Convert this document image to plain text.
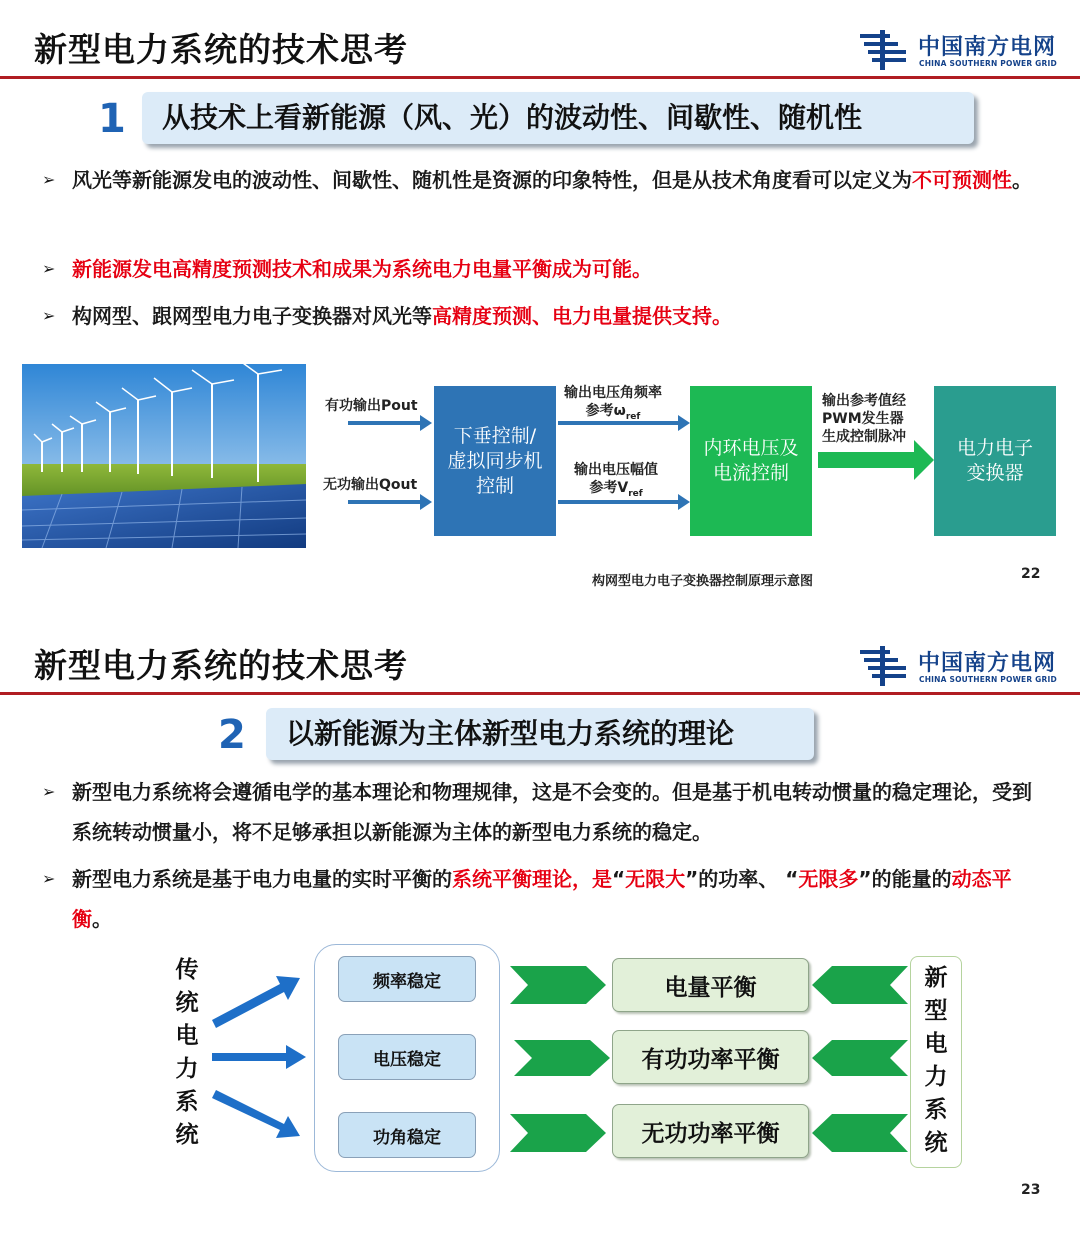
新型电力系统的技术思考	中国南方电网
CHINA SOUTHERN POWER GRID
1	从技术上看新能源（风、光）的波动性、间歇性、随机性
➢ 风光等新能源发电的波动性、间歇性、随机性是资源的印象特性，但是从技术角度看可以定义为不可预测性。
➢ 新能源发电高精度预测技术和成果为系统电力电量平衡成为可能。
➢ 构网型、跟网型电力电子变换器对风光等高精度预测、电力电量提供支持。
有功输出Pout
无功输出Qout
下垂控制/
虚拟同步机
控制
输出电压角频率
参考$\omega_{ref}$
输出电压幅值
参考$V_{ref}$
内环电压及
电流控制
输出参考值经
PWM发生器
生成控制脉冲	电力电子
变换器
构网型电力电子变换器控制原理示意图	22
新型电力系统的技术思考	中国南方电网
CHINA SOUTHERN POWER GRID
2	以新能源为主体新型电力系统的理论
➢ 新型电力系统将会遵循电学的基本理论和物理规律，这是不会变的。但是基于机电转动惯量的稳定理论，受到系统转动惯量小，将不足够承担以新能源为主体的新型电力系统的稳定。
➢ 新型电力系统是基于电力电量的实时平衡的系统平衡理论，是“无限大”的功率、 “无限多”的能量的动态平衡。
传
统
电
力
系
统
频率稳定
电压稳定
功角稳定
电量平衡
有功功率平衡
无功功率平衡
新
型
电
力
系
统
23
